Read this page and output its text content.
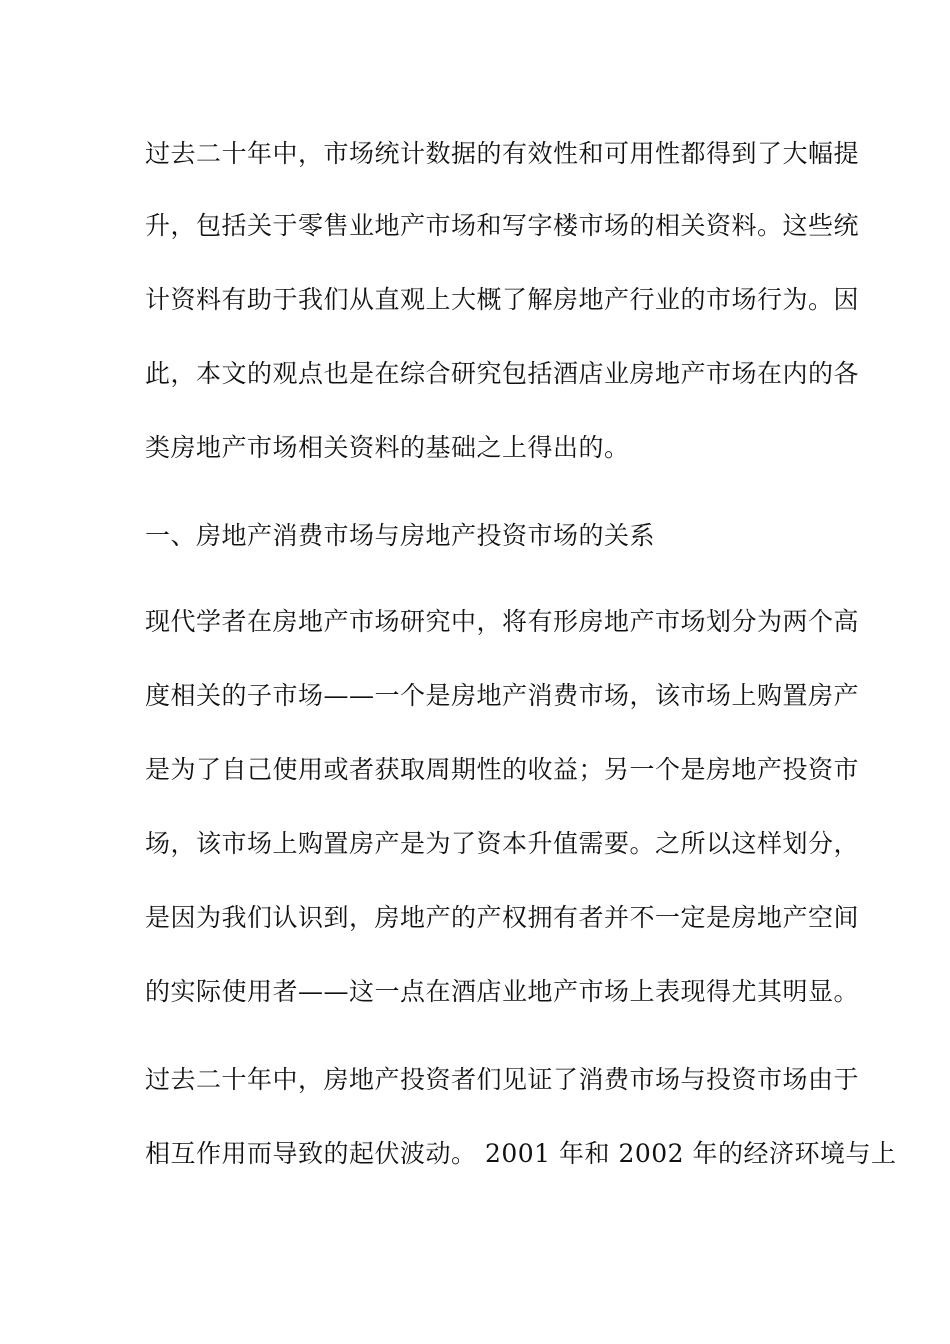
过去二十年中，市场统计数据的有效性和可用性都得到了大幅提
升，包括关于零售业地产市场和写字楼市场的相关资料。这些统
计资料有助于我们从直观上大概了解房地产行业的市场行为。因
此，本文的观点也是在综合研究包括酒店业房地产市场在内的各
类房地产市场相关资料的基础之上得出的。
一、房地产消费市场与房地产投资市场的关系
现代学者在房地产市场研究中，将有形房地产市场划分为两个高
度相关的子市场——一个是房地产消费市场，该市场上购置房产
是为了自己使用或者获取周期性的收益；另一个是房地产投资市
场，该市场上购置房产是为了资本升值需要。之所以这样划分，
是因为我们认识到，房地产的产权拥有者并不一定是房地产空间
的实际使用者——这一点在酒店业地产市场上表现得尤其明显。
过去二十年中，房地产投资者们见证了消费市场与投资市场由于
相互作用而导致的起伏波动。 2001 年和 2002 年的经济环境与上
